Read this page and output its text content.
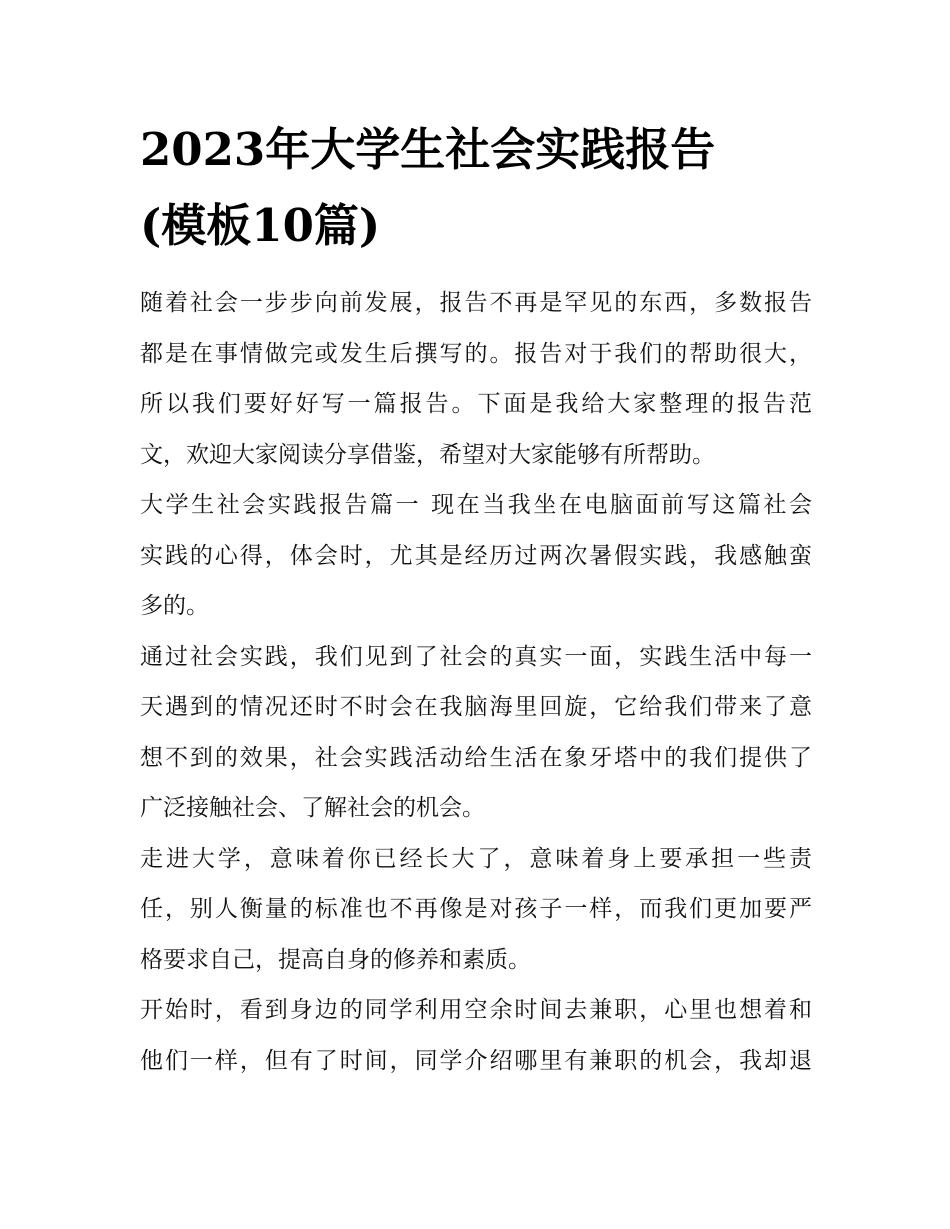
2023年大学生社会实践报告
(模板10篇)

随着社会一步步向前发展，报告不再是罕见的东西，多数报告
都是在事情做完或发生后撰写的。报告对于我们的帮助很大，
所以我们要好好写一篇报告。下面是我给大家整理的报告范
文，欢迎大家阅读分享借鉴，希望对大家能够有所帮助。

大学生社会实践报告篇一 现在当我坐在电脑面前写这篇社会
实践的心得，体会时，尤其是经历过两次暑假实践，我感触蛮
多的。

通过社会实践，我们见到了社会的真实一面，实践生活中每一
天遇到的情况还时不时会在我脑海里回旋，它给我们带来了意
想不到的效果，社会实践活动给生活在象牙塔中的我们提供了
广泛接触社会、了解社会的机会。

走进大学，意味着你已经长大了，意味着身上要承担一些责
任，别人衡量的标准也不再像是对孩子一样，而我们更加要严
格要求自己，提高自身的修养和素质。

开始时，看到身边的同学利用空余时间去兼职，心里也想着和
他们一样，但有了时间，同学介绍哪里有兼职的机会，我却退
